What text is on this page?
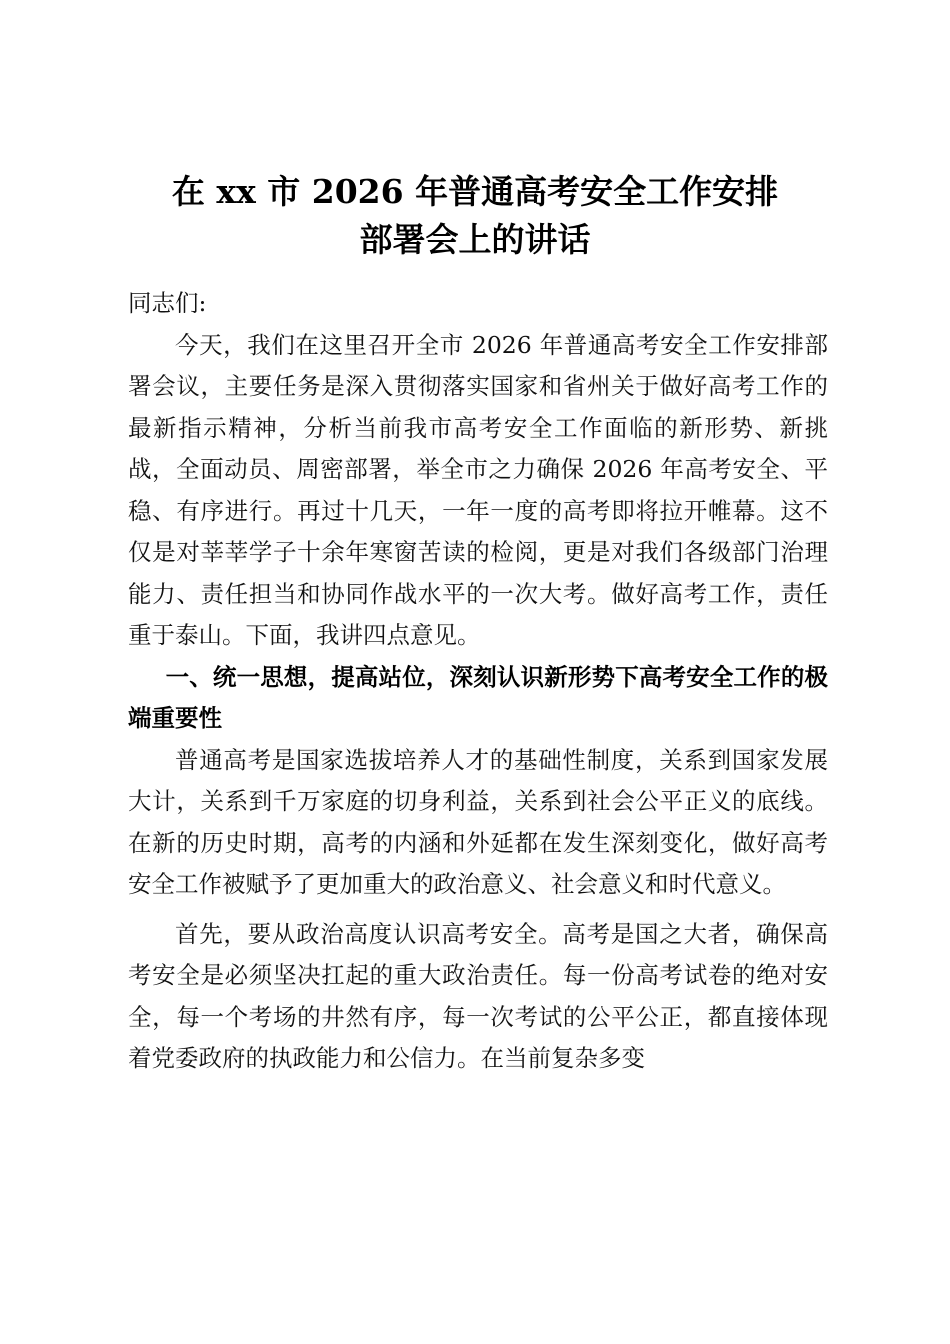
在 xx 市 2026 年普通高考安全工作安排
部署会上的讲话

同志们:

今天，我们在这里召开全市 2026 年普通高考安全工作安排部署会议，主要任务是深入贯彻落实国家和省州关于做好高考工作的最新指示精神，分析当前我市高考安全工作面临的新形势、新挑战，全面动员、周密部署，举全市之力确保 2026 年高考安全、平稳、有序进行。再过十几天，一年一度的高考即将拉开帷幕。这不仅是对莘莘学子十余年寒窗苦读的检阅，更是对我们各级部门治理能力、责任担当和协同作战水平的一次大考。做好高考工作，责任重于泰山。下面，我讲四点意见。

一、统一思想，提高站位，深刻认识新形势下高考安全工作的极端重要性

普通高考是国家选拔培养人才的基础性制度，关系到国家发展大计，关系到千万家庭的切身利益，关系到社会公平正义的底线。在新的历史时期，高考的内涵和外延都在发生深刻变化，做好高考安全工作被赋予了更加重大的政治意义、社会意义和时代意义。

首先，要从政治高度认识高考安全。高考是国之大者，确保高考安全是必须坚决扛起的重大政治责任。每一份高考试卷的绝对安全，每一个考场的井然有序，每一次考试的公平公正，都直接体现着党委政府的执政能力和公信力。在当前复杂多变
